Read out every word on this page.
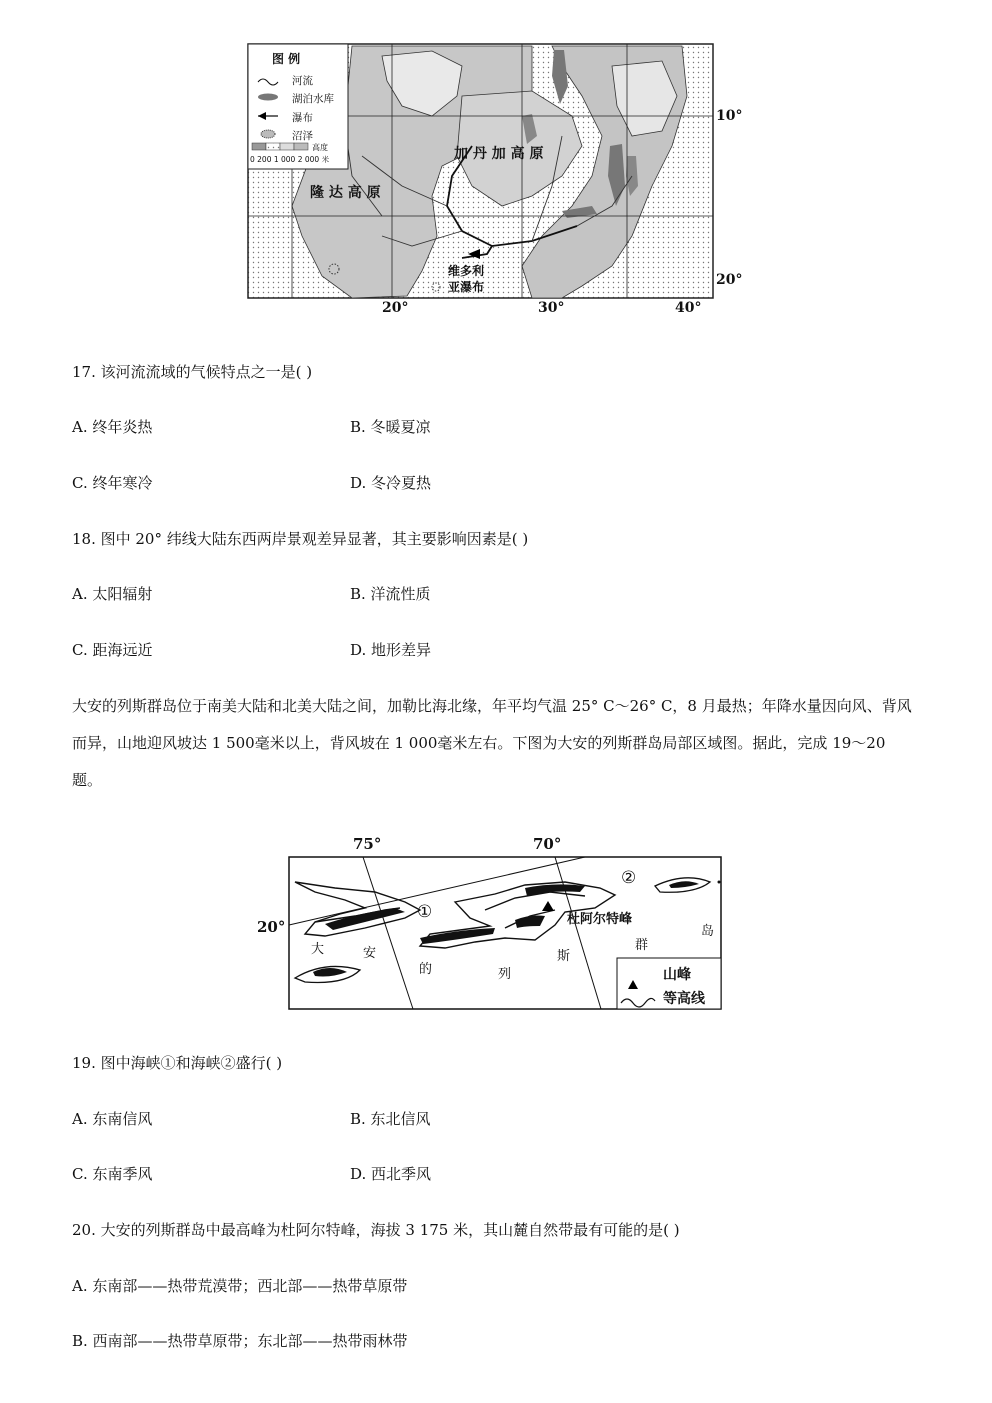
图 例
河流
湖泊水库
瀑布
沼泽
高度
0 200 1 000 2 000 米	加 丹 加 高 原
隆 达 高 原
维多利
亚瀑布
10°
20°
20°	30°	40°
17. 该河流流域的气候特点之一是( )
A. 终年炎热	B. 冬暖夏凉
C. 终年寒冷	D. 冬冷夏热
18. 图中 20° 纬线大陆东西两岸景观差异显著，其主要影响因素是( )
A. 太阳辐射	B. 洋流性质
C. 距海远近	D. 地形差异
大安的列斯群岛位于南美大陆和北美大陆之间，加勒比海北缘，年平均气温 25° C～26° C，8 月最热；年降水量因向风、背风而异，山地迎风坡达 1 500毫米以上，背风坡在 1 000毫米左右。下图为大安的列斯群岛局部区域图。据此，完成 19～20 题。
75°	70°
20°
①
②
杜阿尔特峰
大	安
的	列
斯
群
岛
山峰
等高线
19. 图中海峡①和海峡②盛行( )
A. 东南信风	B. 东北信风
C. 东南季风	D. 西北季风
20. 大安的列斯群岛中最高峰为杜阿尔特峰，海拔 3 175 米，其山麓自然带最有可能的是( )
A. 东南部——热带荒漠带；西北部——热带草原带
B. 西南部——热带草原带；东北部——热带雨林带
